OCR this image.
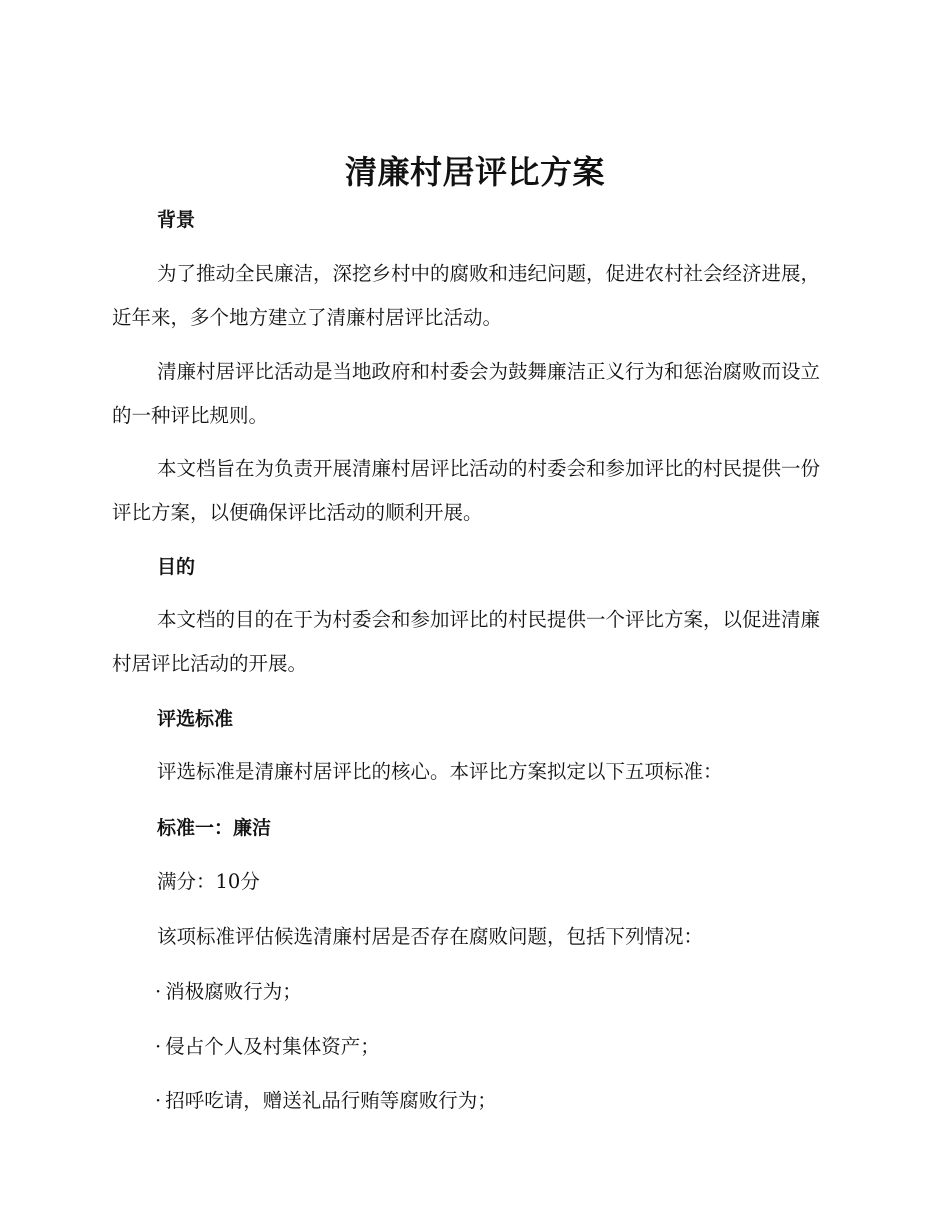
清廉村居评比方案
背景

为了推动全民廉洁，深挖乡村中的腐败和违纪问题，促进农村社会经济进展，近年来，多个地方建立了清廉村居评比活动。

清廉村居评比活动是当地政府和村委会为鼓舞廉洁正义行为和惩治腐败而设立的一种评比规则。

本文档旨在为负责开展清廉村居评比活动的村委会和参加评比的村民提供一份评比方案，以便确保评比活动的顺利开展。

目的

本文档的目的在于为村委会和参加评比的村民提供一个评比方案，以促进清廉村居评比活动的开展。

评选标准
评选标准是清廉村居评比的核心。本评比方案拟定以下五项标准：
标准一：廉洁
满分：10分
该项标准评估候选清廉村居是否存在腐败问题，包括下列情况：
· 消极腐败行为；
· 侵占个人及村集体资产；
· 招呼吃请，赠送礼品行贿等腐败行为；
